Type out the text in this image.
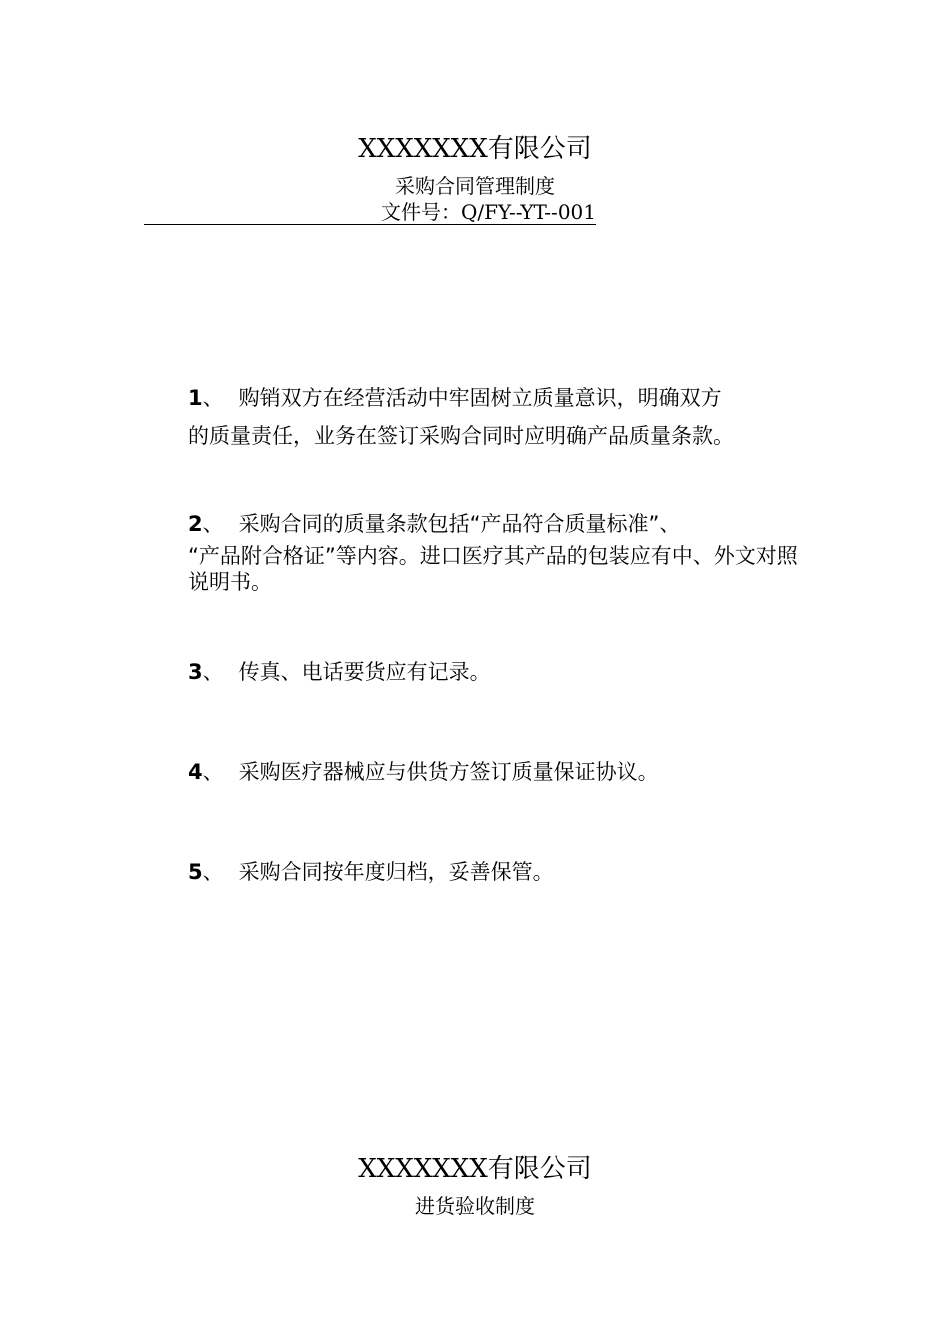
XXXXXXX有限公司
采购合同管理制度
文件号：Q/FY--YT--001

1、 购销双方在经营活动中牢固树立质量意识，明确双方
的质量责任，业务在签订采购合同时应明确产品质量条款。

2、 采购合同的质量条款包括“产品符合质量标准”、
“产品附合格证”等内容。进口医疗其产品的包装应有中、外文对照说明书。

3、 传真、电话要货应有记录。

4、 采购医疗器械应与供货方签订质量保证协议。

5、 采购合同按年度归档，妥善保管。

XXXXXXX有限公司
进货验收制度
